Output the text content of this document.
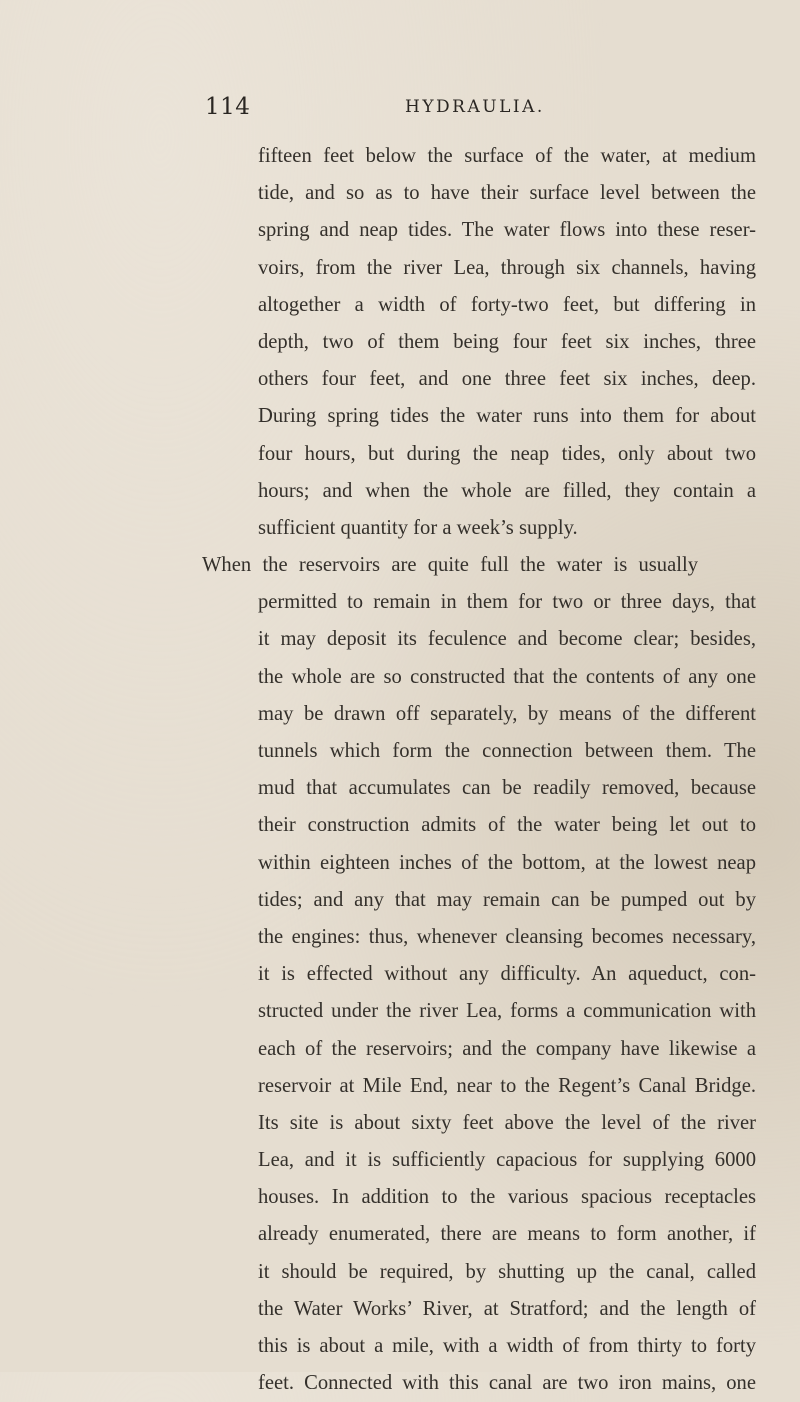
114	HYDRAULIA.
fifteen feet below the surface of the water, at medium
tide, and so as to have their surface level between the
spring and neap tides. The water flows into these reser-
voirs, from the river Lea, through six channels, having
altogether a width of forty-two feet, but differing in
depth, two of them being four feet six inches, three
others four feet, and one three feet six inches, deep.
During spring tides the water runs into them for about
four hours, but during the neap tides, only about two
hours; and when the whole are filled, they contain a
sufficient quantity for a week’s supply.
When the reservoirs are quite full the water is usually
permitted to remain in them for two or three days, that
it may deposit its feculence and become clear; besides,
the whole are so constructed that the contents of any one
may be drawn off separately, by means of the different
tunnels which form the connection between them. The
mud that accumulates can be readily removed, because
their construction admits of the water being let out to
within eighteen inches of the bottom, at the lowest neap
tides; and any that may remain can be pumped out by
the engines: thus, whenever cleansing becomes necessary,
it is effected without any difficulty. An aqueduct, con-
structed under the river Lea, forms a communication with
each of the reservoirs; and the company have likewise a
reservoir at Mile End, near to the Regent’s Canal Bridge.
Its site is about sixty feet above the level of the river
Lea, and it is sufficiently capacious for supplying 6000
houses. In addition to the various spacious receptacles
already enumerated, there are means to form another, if
it should be required, by shutting up the canal, called
the Water Works’ River, at Stratford; and the length of
this is about a mile, with a width of from thirty to forty
feet. Connected with this canal are two iron mains, one
